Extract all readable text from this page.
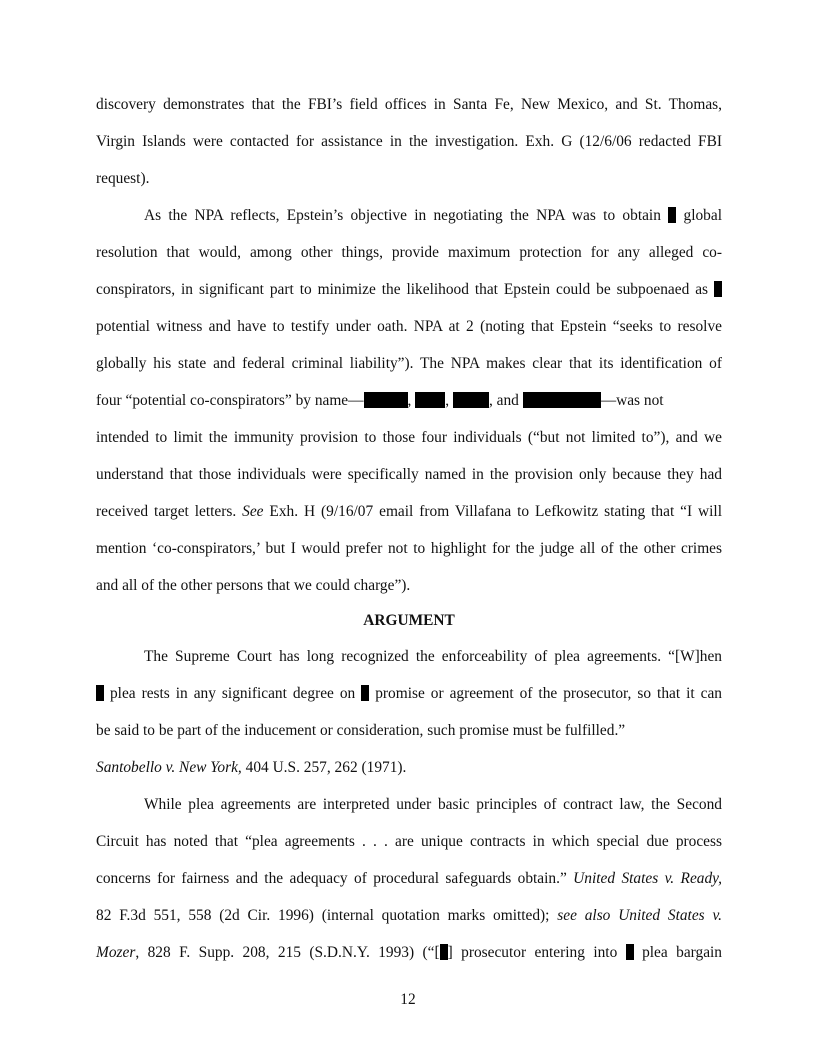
discovery demonstrates that the FBI’s field offices in Santa Fe, New Mexico, and St. Thomas,
Virgin Islands were contacted for assistance in the investigation. Exh. G (12/6/06 redacted FBI
request).
As the NPA reflects, Epstein’s objective in negotiating the NPA was to obtain  global
resolution that would, among other things, provide maximum protection for any alleged co-
conspirators, in significant part to minimize the likelihood that Epstein could be subpoenaed as
potential witness and have to testify under oath. NPA at 2 (noting that Epstein “seeks to resolve
globally his state and federal criminal liability”). The NPA makes clear that its identification of
four “potential co-conspirators” by name—	, , , and	—was not
intended to limit the immunity provision to those four individuals (“but not limited to”), and we
understand that those individuals were specifically named in the provision only because they had
received target letters. See Exh. H (9/16/07 email from Villafana to Lefkowitz stating that “I will
mention ‘co-conspirators,’ but I would prefer not to highlight for the judge all of the other crimes
and all of the other persons that we could charge”).
ARGUMENT
The Supreme Court has long recognized the enforceability of plea agreements. “[W]hen
plea rests in any significant degree on  promise or agreement of the prosecutor, so that it can
be said to be part of the inducement or consideration, such promise must be fulfilled.”
Santobello v. New York, 404 U.S. 257, 262 (1971).
While plea agreements are interpreted under basic principles of contract law, the Second
Circuit has noted that “plea agreements . . . are unique contracts in which special due process
concerns for fairness and the adequacy of procedural safeguards obtain.” United States v. Ready,
82 F.3d 551, 558 (2d Cir. 1996) (internal quotation marks omitted); see also United States v.
Mozer, 828 F. Supp. 208, 215 (S.D.N.Y. 1993) (“[ ] prosecutor entering into  plea bargain
12
